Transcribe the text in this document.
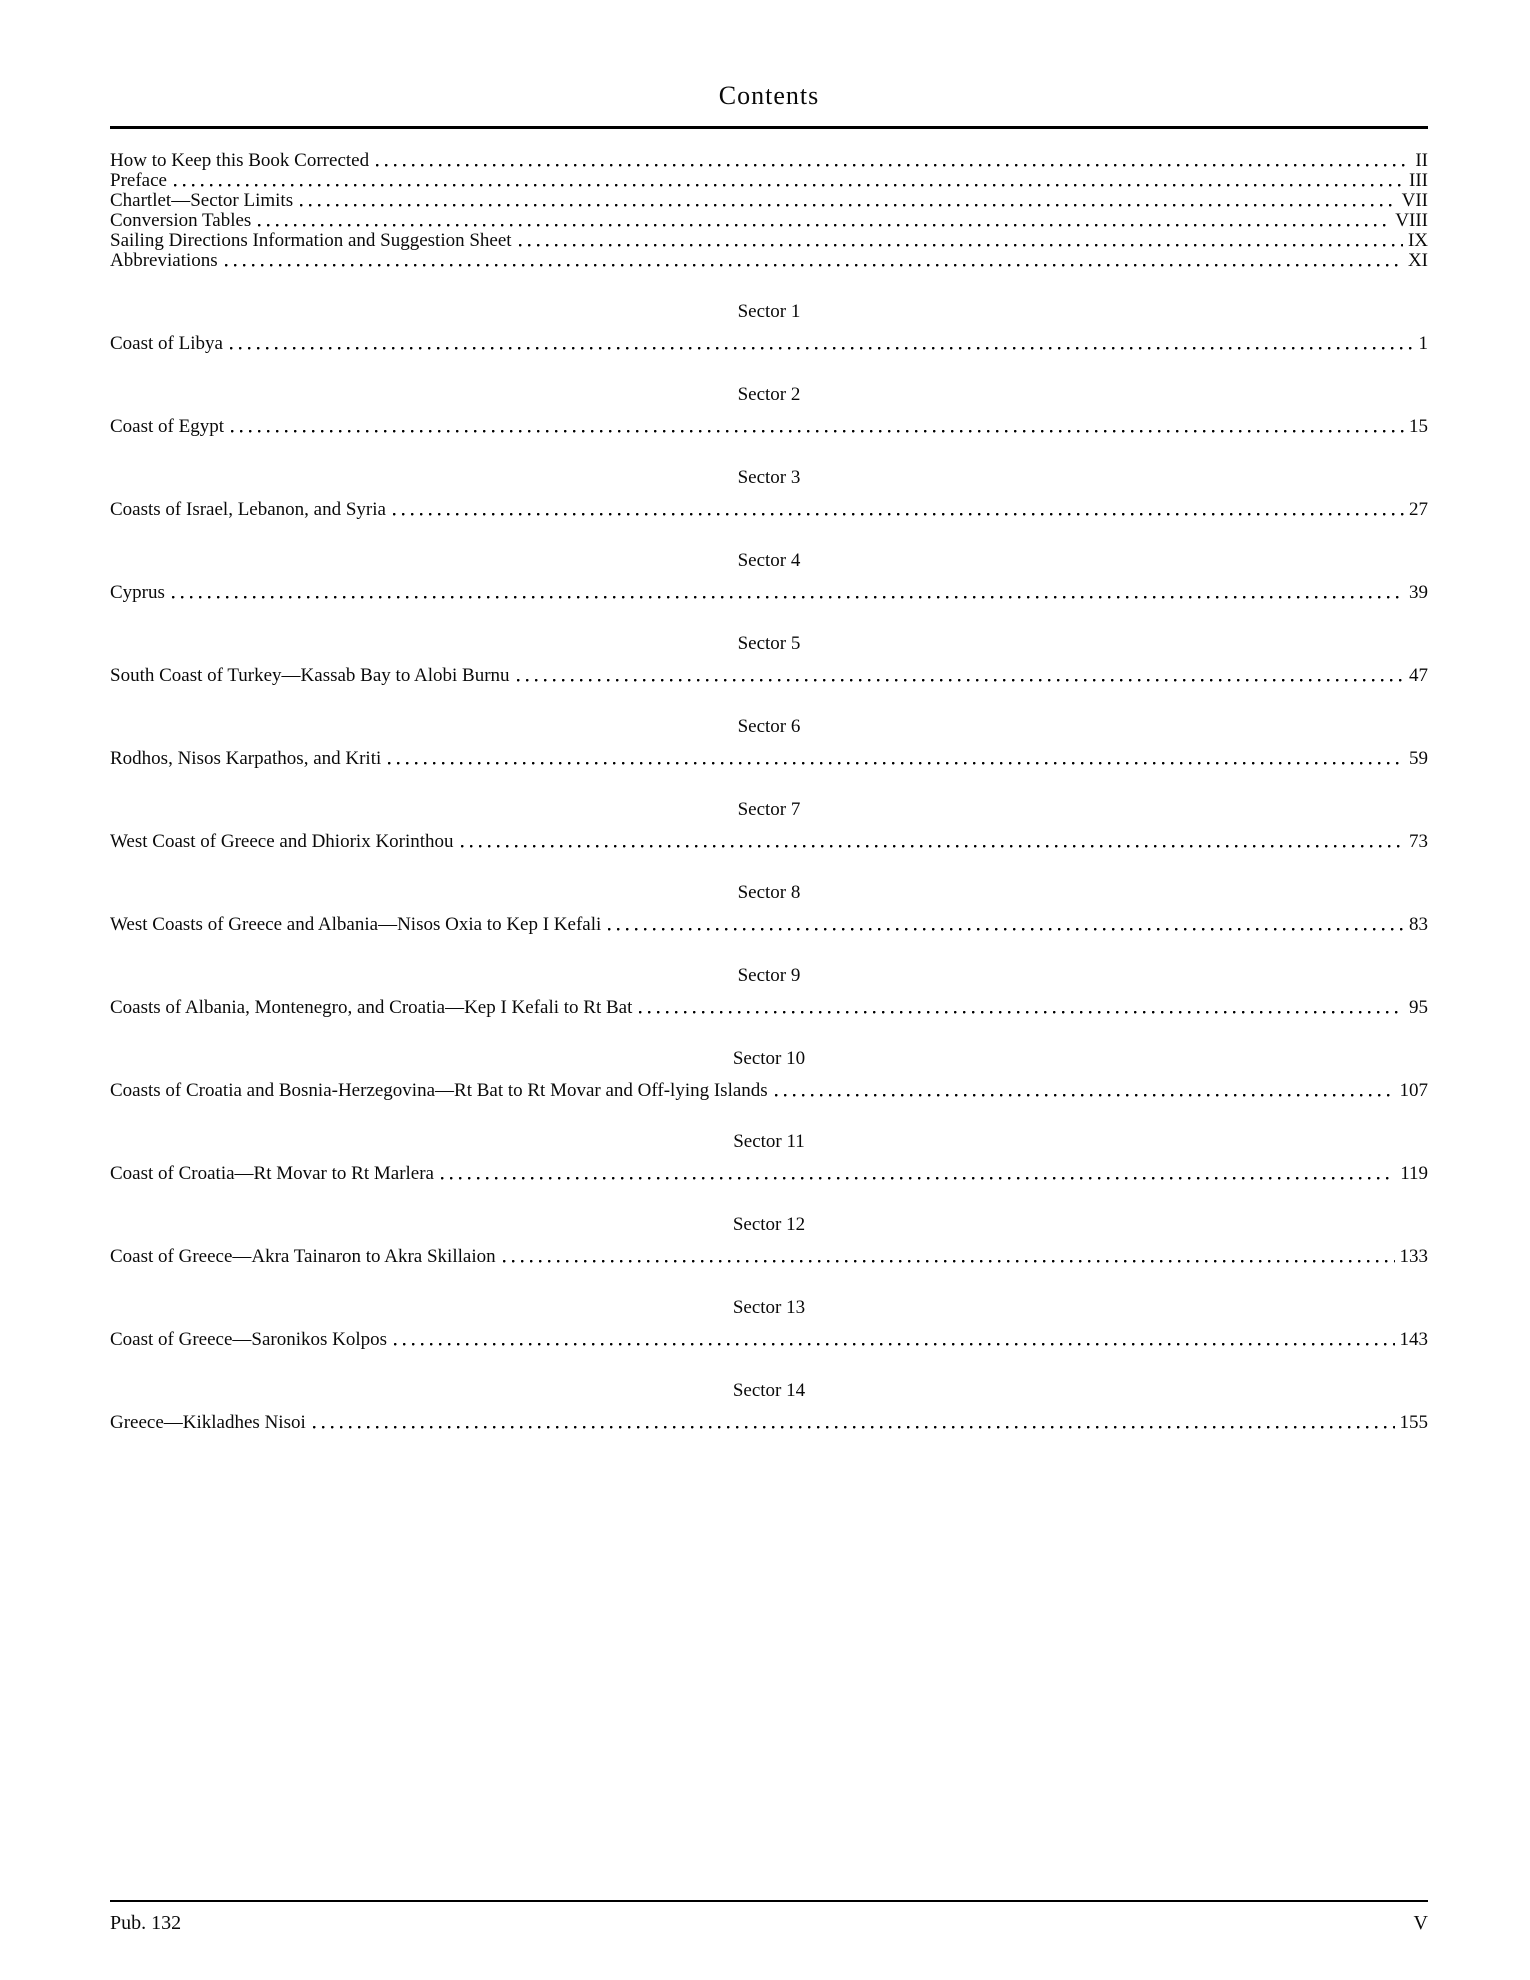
Contents
How to Keep this Book Corrected	II
Preface	III
Chartlet—Sector Limits	VII
Conversion Tables	VIII
Sailing Directions Information and Suggestion Sheet	IX
Abbreviations	XI
Sector 1
Coast of Libya	1
Sector 2
Coast of Egypt	15
Sector 3
Coasts of Israel, Lebanon, and Syria	27
Sector 4
Cyprus	39
Sector 5
South Coast of Turkey—Kassab Bay to Alobi Burnu	47
Sector 6
Rodhos, Nisos Karpathos, and Kriti	59
Sector 7
West Coast of Greece and Dhiorix Korinthou	73
Sector 8
West Coasts of Greece and Albania—Nisos Oxia to Kep I Kefali	83
Sector 9
Coasts of Albania, Montenegro, and Croatia—Kep I Kefali to Rt Bat	95
Sector 10
Coasts of Croatia and Bosnia-Herzegovina—Rt Bat to Rt Movar and Off-lying Islands	107
Sector 11
Coast of Croatia—Rt Movar to Rt Marlera	119
Sector 12
Coast of Greece—Akra Tainaron to Akra Skillaion	133
Sector 13
Coast of Greece—Saronikos Kolpos	143
Sector 14
Greece—Kikladhes Nisoi	155
Pub. 132	V
